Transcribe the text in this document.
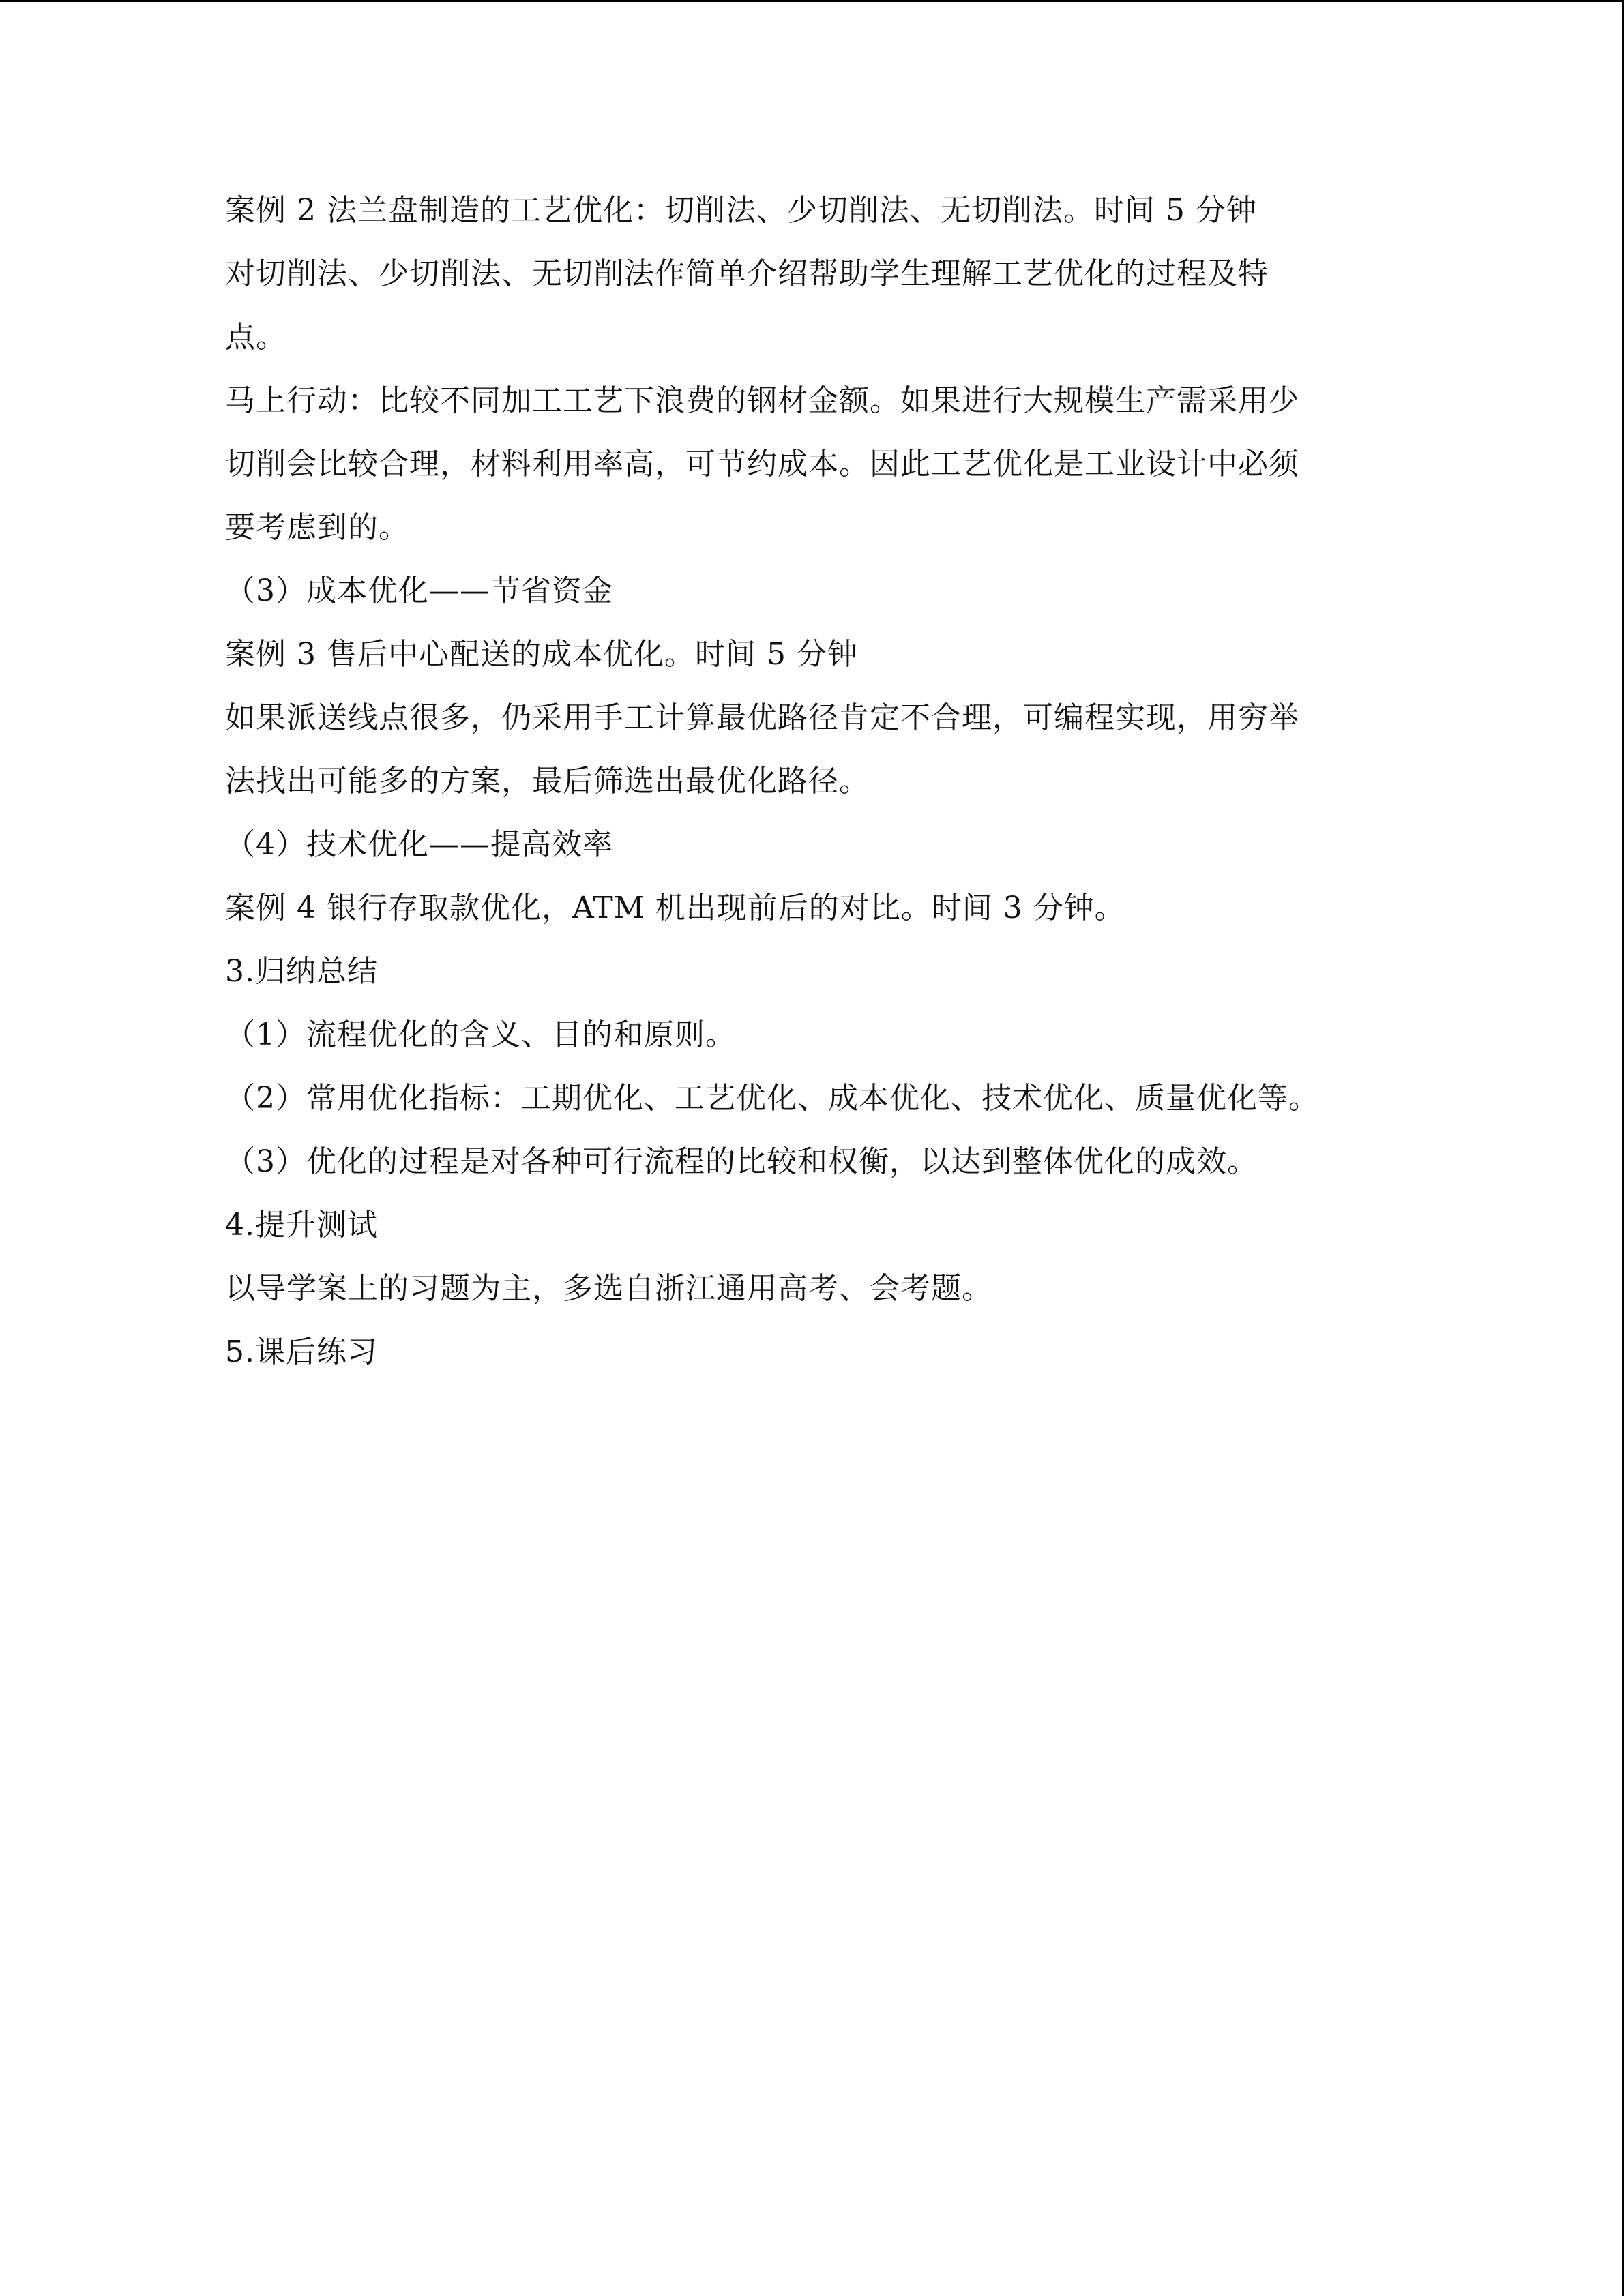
案例 2 法兰盘制造的工艺优化：切削法、少切削法、无切削法。时间 5 分钟
对切削法、少切削法、无切削法作简单介绍帮助学生理解工艺优化的过程及特
点。
马上行动：比较不同加工工艺下浪费的钢材金额。如果进行大规模生产需采用少
切削会比较合理，材料利用率高，可节约成本。因此工艺优化是工业设计中必须
要考虑到的。
（3）成本优化——节省资金
案例 3 售后中心配送的成本优化。时间 5 分钟
如果派送线点很多，仍采用手工计算最优路径肯定不合理，可编程实现，用穷举
法找出可能多的方案，最后筛选出最优化路径。
（4）技术优化——提高效率
案例 4 银行存取款优化，ATM 机出现前后的对比。时间 3 分钟。
3.归纳总结
（1）流程优化的含义、目的和原则。
（2）常用优化指标：工期优化、工艺优化、成本优化、技术优化、质量优化等。
（3）优化的过程是对各种可行流程的比较和权衡，以达到整体优化的成效。
4.提升测试
以导学案上的习题为主，多选自浙江通用高考、会考题。
5.课后练习
